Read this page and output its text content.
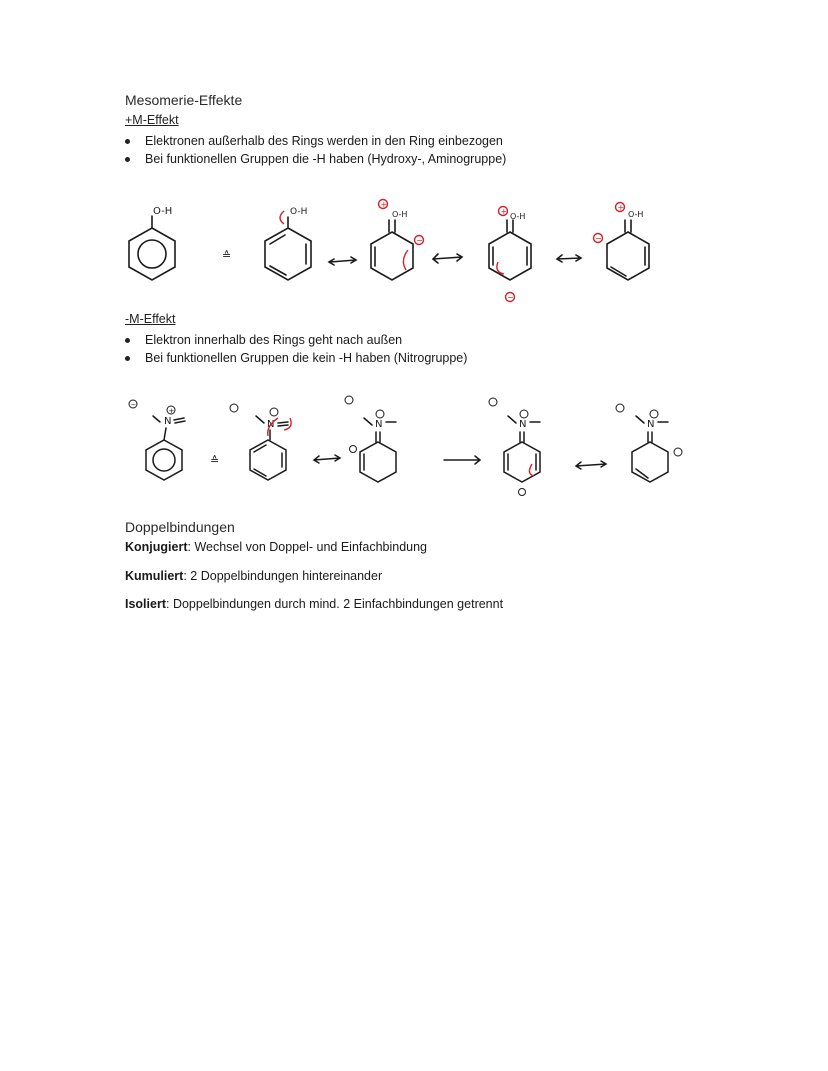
Mesomerie-Effekte
+M-Effekt
Elektronen außerhalb des Rings werden in den Ring einbezogen
Bei funktionellen Gruppen die -H haben (Hydroxy-, Aminogruppe)
O-H	O-H	O-H	O-H	O-H
≙
+
−
+
−
+
−
-M-Effekt
Elektron innerhalb des Rings geht nach außen
Bei funktionellen Gruppen die kein -H haben (Nitrogruppe)
N	N	N	N	N
≙
−
+
Doppelbindungen
Konjugiert: Wechsel von Doppel- und Einfachbindung
Kumuliert: 2 Doppelbindungen hintereinander
Isoliert: Doppelbindungen durch mind. 2 Einfachbindungen getrennt
